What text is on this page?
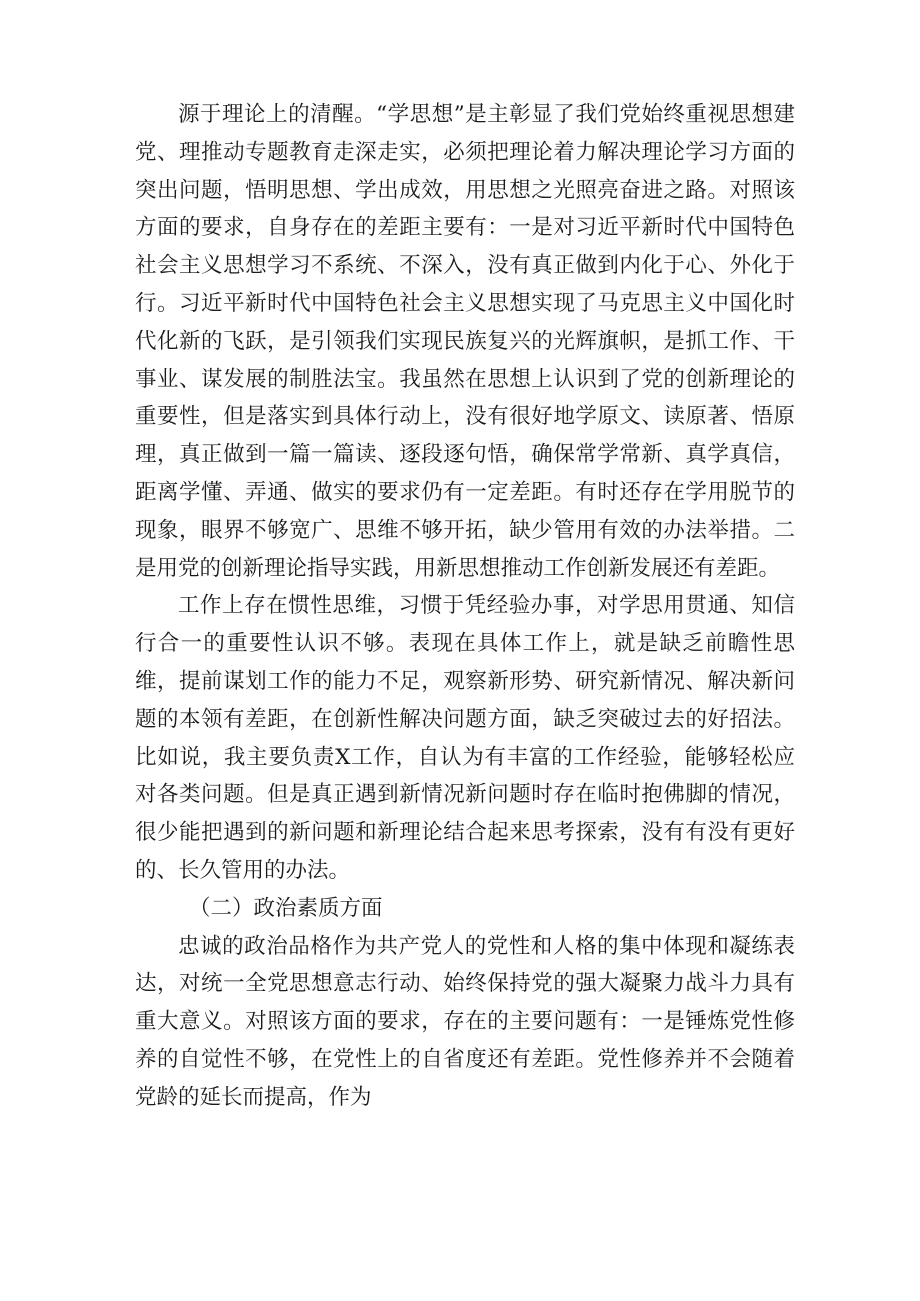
源于理论上的清醒。“学思想”是主彰显了我们党始终重视思想建党、理推动专题教育走深走实，必须把理论着力解决理论学习方面的突出问题，悟明思想、学出成效，用思想之光照亮奋进之路。对照该方面的要求，自身存在的差距主要有：一是对习近平新时代中国特色社会主义思想学习不系统、不深入，没有真正做到内化于心、外化于行。习近平新时代中国特色社会主义思想实现了马克思主义中国化时代化新的飞跃，是引领我们实现民族复兴的光辉旗帜，是抓工作、干事业、谋发展的制胜法宝。我虽然在思想上认识到了党的创新理论的重要性，但是落实到具体行动上，没有很好地学原文、读原著、悟原理，真正做到一篇一篇读、逐段逐句悟，确保常学常新、真学真信，距离学懂、弄通、做实的要求仍有一定差距。有时还存在学用脱节的现象，眼界不够宽广、思维不够开拓，缺少管用有效的办法举措。二是用党的创新理论指导实践，用新思想推动工作创新发展还有差距。

工作上存在惯性思维，习惯于凭经验办事，对学思用贯通、知信行合一的重要性认识不够。表现在具体工作上，就是缺乏前瞻性思维，提前谋划工作的能力不足，观察新形势、研究新情况、解决新问题的本领有差距，在创新性解决问题方面，缺乏突破过去的好招法。比如说，我主要负责X工作，自认为有丰富的工作经验，能够轻松应对各类问题。但是真正遇到新情况新问题时存在临时抱佛脚的情况，很少能把遇到的新问题和新理论结合起来思考探索，没有有没有更好的、长久管用的办法。

（二）政治素质方面

忠诚的政治品格作为共产党人的党性和人格的集中体现和凝练表达，对统一全党思想意志行动、始终保持党的强大凝聚力战斗力具有重大意义。对照该方面的要求，存在的主要问题有：一是锤炼党性修养的自觉性不够，在党性上的自省度还有差距。党性修养并不会随着党龄的延长而提高，作为
